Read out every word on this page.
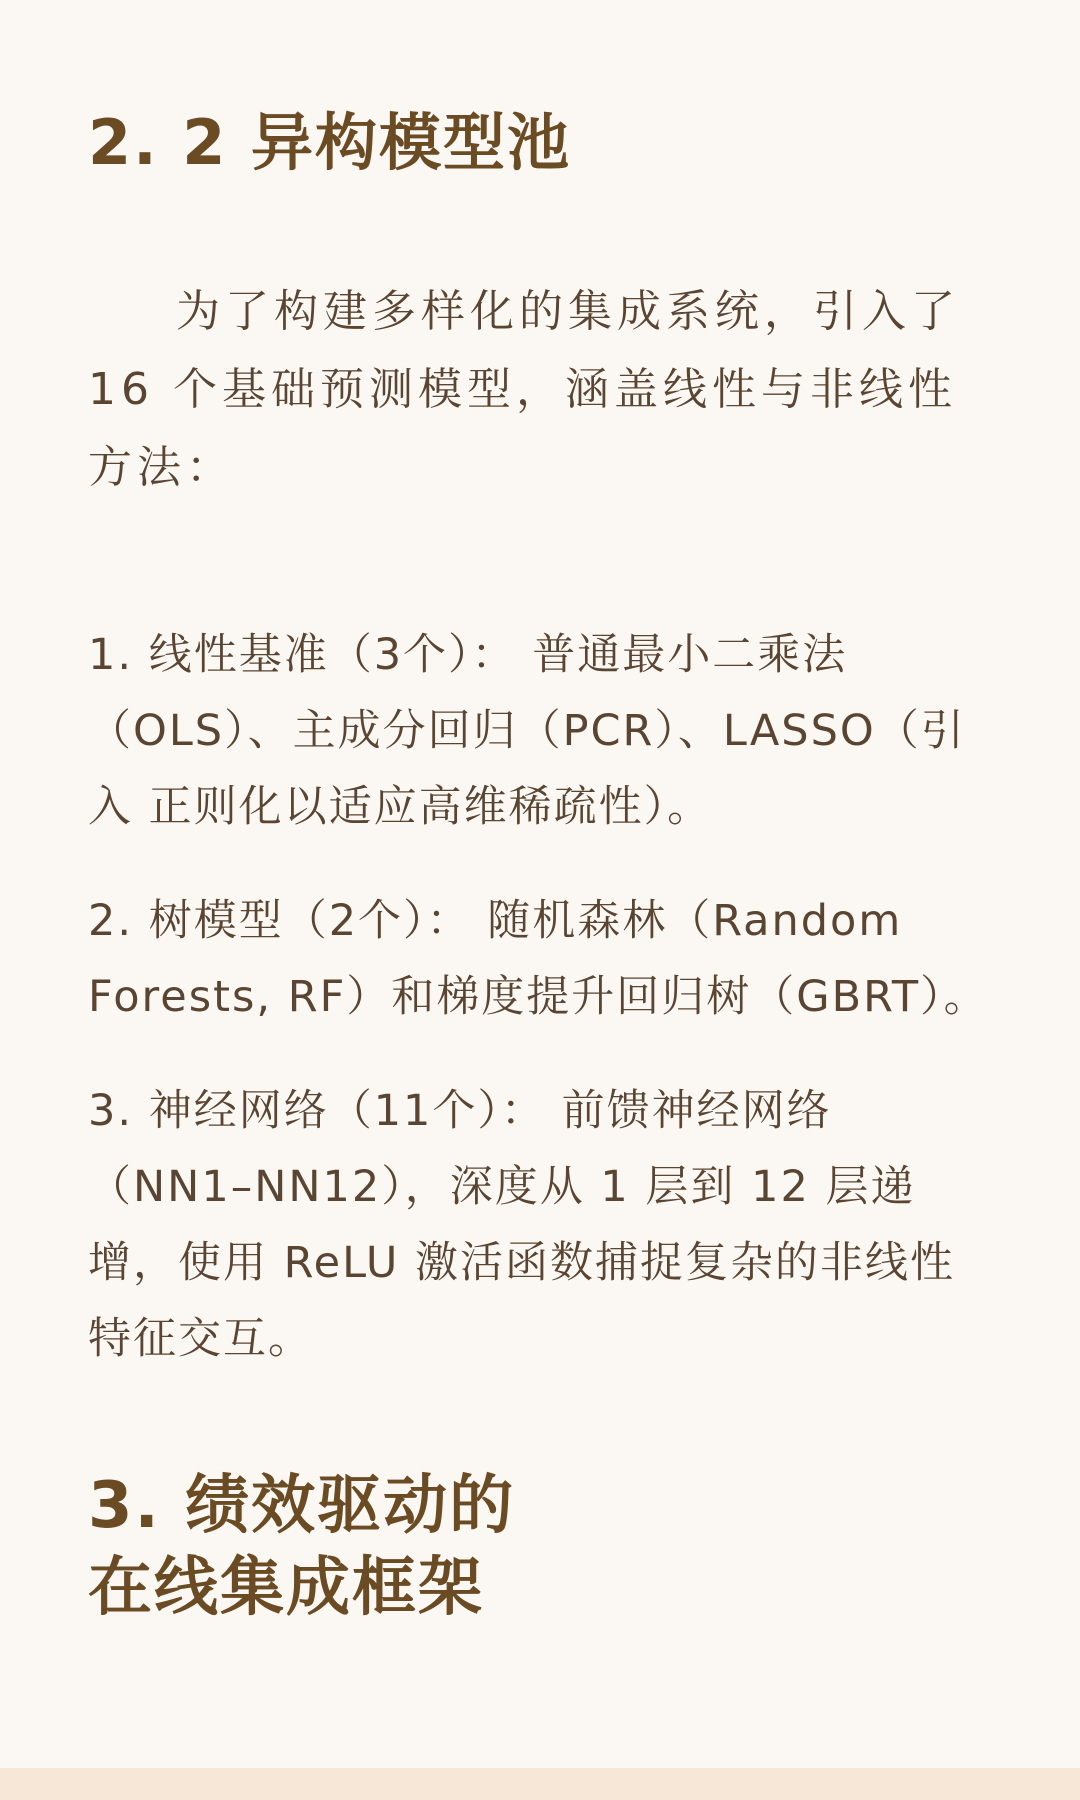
2. 2 异构模型池

为了构建多样化的集成系统，引入了 16 个基础预测模型，涵盖线性与非线性方法：

1. 线性基准（3个）： 普通最小二乘法（OLS）、主成分回归（PCR）、LASSO（引入 正则化以适应高维稀疏性）。

2. 树模型（2个）： 随机森林（Random Forests, RF）和梯度提升回归树（GBRT）。

3. 神经网络（11个）： 前馈神经网络（NN1–NN12），深度从 1 层到 12 层递增，使用 ReLU 激活函数捕捉复杂的非线性特征交互。

3. 绩效驱动的
在线集成框架
